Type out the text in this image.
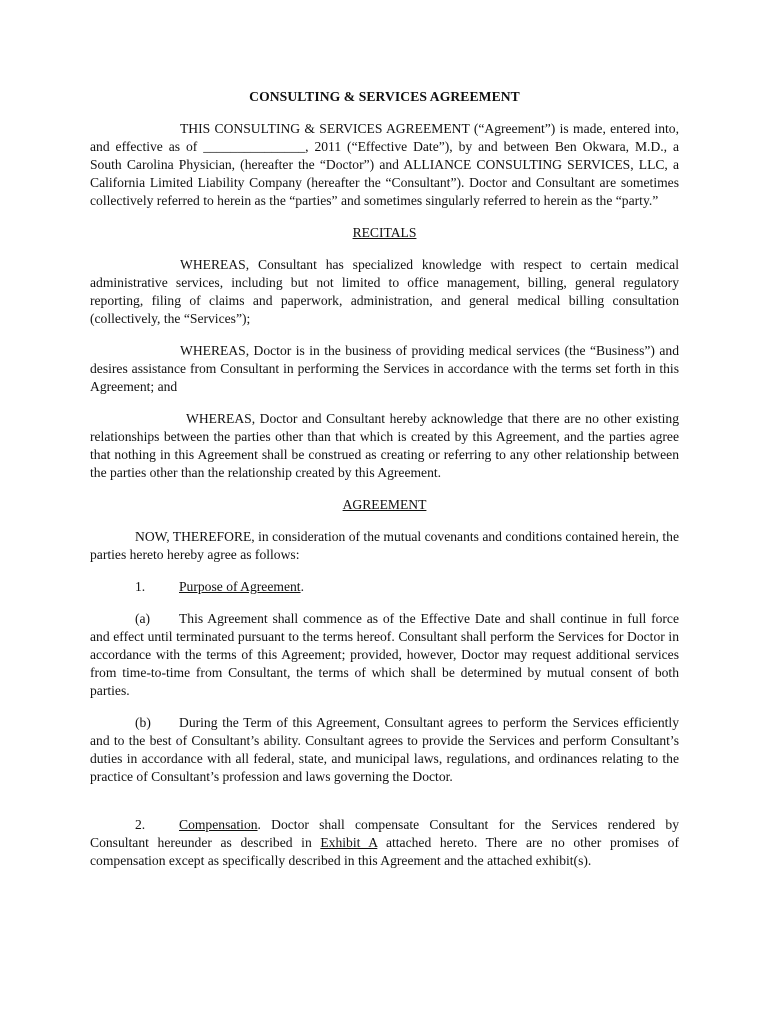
CONSULTING & SERVICES AGREEMENT

THIS CONSULTING & SERVICES AGREEMENT (“Agreement”) is made, entered into, and effective as of _______________, 2011 (“Effective Date”), by and between Ben Okwara, M.D., a South Carolina Physician, (hereafter the “Doctor”) and ALLIANCE CONSULTING SERVICES, LLC, a California Limited Liability Company (hereafter the “Consultant”). Doctor and Consultant are sometimes collectively referred to herein as the “parties” and sometimes singularly referred to herein as the “party.”

RECITALS

WHEREAS, Consultant has specialized knowledge with respect to certain medical administrative services, including but not limited to office management, billing, general regulatory reporting, filing of claims and paperwork, administration, and general medical billing consultation (collectively, the “Services”);

WHEREAS, Doctor is in the business of providing medical services (the “Business”) and desires assistance from Consultant in performing the Services in accordance with the terms set forth in this Agreement; and

WHEREAS, Doctor and Consultant hereby acknowledge that there are no other existing relationships between the parties other than that which is created by this Agreement, and the parties agree that nothing in this Agreement shall be construed as creating or referring to any other relationship between the parties other than the relationship created by this Agreement.

AGREEMENT

NOW, THEREFORE, in consideration of the mutual covenants and conditions contained herein, the parties hereto hereby agree as follows:

1. Purpose of Agreement.

(a) This Agreement shall commence as of the Effective Date and shall continue in full force and effect until terminated pursuant to the terms hereof. Consultant shall perform the Services for Doctor in accordance with the terms of this Agreement; provided, however, Doctor may request additional services from time-to-time from Consultant, the terms of which shall be determined by mutual consent of both parties.

(b) During the Term of this Agreement, Consultant agrees to perform the Services efficiently and to the best of Consultant’s ability. Consultant agrees to provide the Services and perform Consultant’s duties in accordance with all federal, state, and municipal laws, regulations, and ordinances relating to the practice of Consultant’s profession and laws governing the Doctor.

2. Compensation. Doctor shall compensate Consultant for the Services rendered by Consultant hereunder as described in Exhibit A attached hereto. There are no other promises of compensation except as specifically described in this Agreement and the attached exhibit(s).
